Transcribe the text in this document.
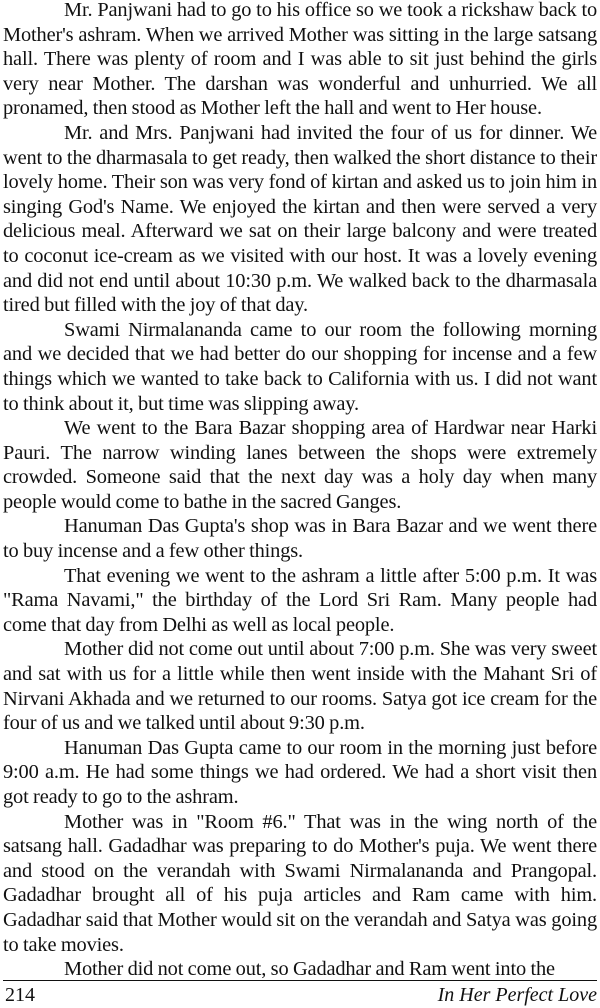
Mr. Panjwani had to go to his office so we took a rickshaw back to Mother's ashram. When we arrived Mother was sitting in the large satsang hall. There was plenty of room and I was able to sit just behind the girls very near Mother. The darshan was wonderful and unhurried. We all pronamed, then stood as Mother left the hall and went to Her house.

Mr. and Mrs. Panjwani had invited the four of us for dinner. We went to the dharmasala to get ready, then walked the short distance to their lovely home. Their son was very fond of kirtan and asked us to join him in singing God's Name. We enjoyed the kirtan and then were served a very delicious meal. Afterward we sat on their large balcony and were treated to coconut ice-cream as we visited with our host. It was a lovely evening and did not end until about 10:30 p.m. We walked back to the dharmasala tired but filled with the joy of that day.

Swami Nirmalananda came to our room the following morning and we decided that we had better do our shopping for incense and a few things which we wanted to take back to California with us. I did not want to think about it, but time was slipping away.

We went to the Bara Bazar shopping area of Hardwar near Harki Pauri. The narrow winding lanes between the shops were extremely crowded. Someone said that the next day was a holy day when many people would come to bathe in the sacred Ganges.

Hanuman Das Gupta's shop was in Bara Bazar and we went there to buy incense and a few other things.

That evening we went to the ashram a little after 5:00 p.m. It was "Rama Navami," the birthday of the Lord Sri Ram. Many people had come that day from Delhi as well as local people.

Mother did not come out until about 7:00 p.m. She was very sweet and sat with us for a little while then went inside with the Mahant Sri of Nirvani Akhada and we returned to our rooms. Satya got ice cream for the four of us and we talked until about 9:30 p.m.

Hanuman Das Gupta came to our room in the morning just before 9:00 a.m. He had some things we had ordered. We had a short visit then got ready to go to the ashram.

Mother was in "Room #6." That was in the wing north of the satsang hall. Gadadhar was preparing to do Mother's puja. We went there and stood on the verandah with Swami Nirmalananda and Prangopal. Gadadhar brought all of his puja articles and Ram came with him. Gadadhar said that Mother would sit on the verandah and Satya was going to take movies.

Mother did not come out, so Gadadhar and Ram went into the

214	In Her Perfect Love
